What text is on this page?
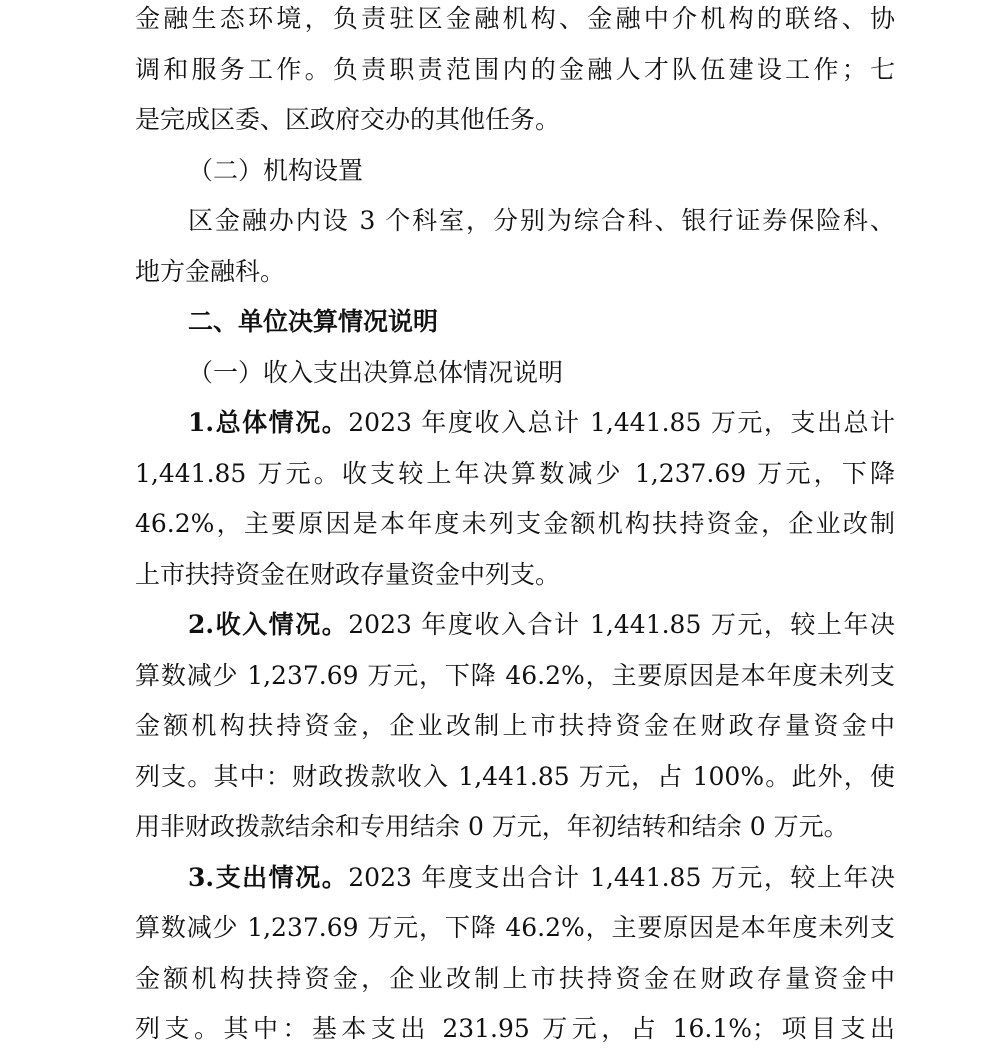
金融生态环境，负责驻区金融机构、金融中介机构的联络、协
调和服务工作。负责职责范围内的金融人才队伍建设工作；七
是完成区委、区政府交办的其他任务。
（二）机构设置
区金融办内设 3 个科室，分别为综合科、银行证券保险科、
地方金融科。
二、单位决算情况说明
（一）收入支出决算总体情况说明
1.总体情况。2023 年度收入总计 1,441.85 万元，支出总计
1,441.85 万元。收支较上年决算数减少 1,237.69 万元，下降
46.2%，主要原因是本年度未列支金额机构扶持资金，企业改制
上市扶持资金在财政存量资金中列支。
2.收入情况。2023 年度收入合计 1,441.85 万元，较上年决
算数减少 1,237.69 万元，下降 46.2%，主要原因是本年度未列支
金额机构扶持资金，企业改制上市扶持资金在财政存量资金中
列支。其中：财政拨款收入 1,441.85 万元，占 100%。此外，使
用非财政拨款结余和专用结余 0 万元，年初结转和结余 0 万元。
3.支出情况。2023 年度支出合计 1,441.85 万元，较上年决
算数减少 1,237.69 万元，下降 46.2%，主要原因是本年度未列支
金额机构扶持资金，企业改制上市扶持资金在财政存量资金中
列支。其中：基本支出 231.95 万元，占 16.1%；项目支出
